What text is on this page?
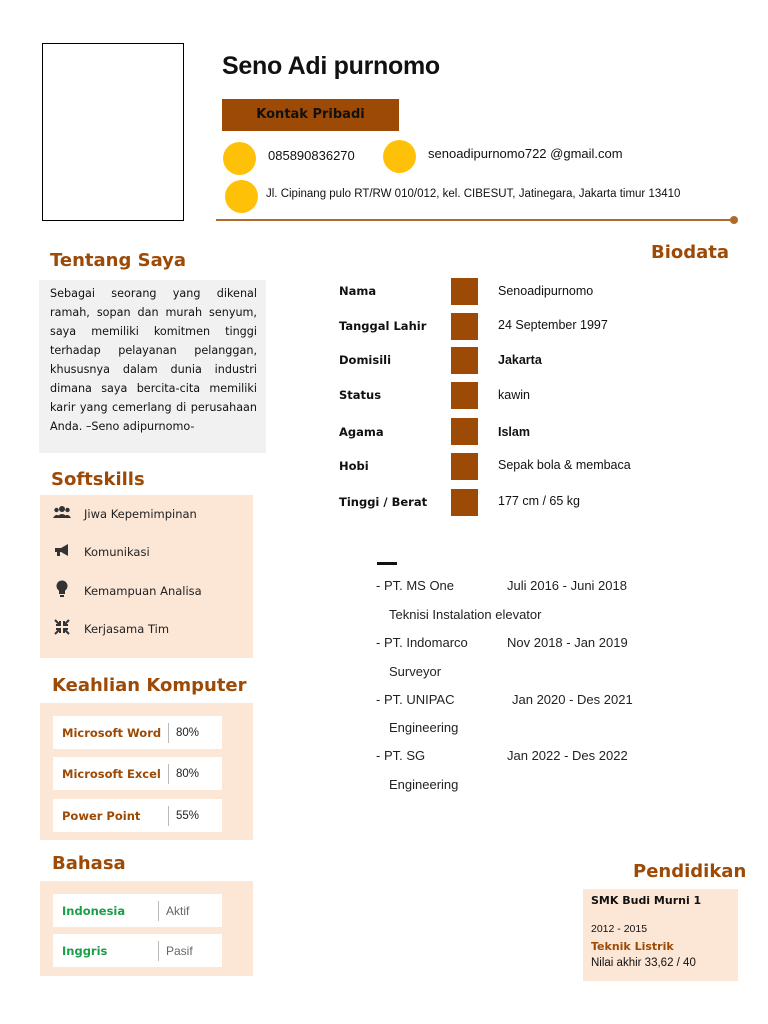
Seno Adi purnomo
Kontak Pribadi
085890836270	senoadipurnomo722 @gmail.com
Jl. Cipinang pulo RT/RW 010/012, kel. CIBESUT, Jatinegara, Jakarta timur 13410
Tentang Saya
Sebagai seorang yang dikenal ramah, sopan dan murah senyum, saya memiliki komitmen tinggi terhadap pelayanan pelanggan, khususnya dalam dunia industri dimana saya bercita-cita memiliki karir yang cemerlang di perusahaan Anda. –Seno adipurnomo-
Softskills
Jiwa Kepemimpinan
Komunikasi
Kemampuan Analisa
Kerjasama Tim
Keahlian Komputer
Microsoft Word	80%
Microsoft Excel	80%
Power Point	55%
Bahasa
Indonesia	Aktif
Inggris	Pasif
Biodata
Nama	Senoadipurnomo
Tanggal Lahir	24 September 1997
Domisili	Jakarta
Status	kawin
Agama	Islam
Hobi	Sepak bola & membaca
Tinggi / Berat	177 cm / 65 kg
- PT. MS One	Juli 2016 - Juni 2018
Teknisi Instalation elevator
- PT. Indomarco	Nov 2018 - Jan 2019
Surveyor
- PT. UNIPAC	Jan 2020 - Des 2021
Engineering
- PT. SG	Jan 2022 - Des 2022
Engineering
Pendidikan
SMK Budi Murni 1
2012 - 2015
Teknik Listrik
Nilai akhir 33,62 / 40
